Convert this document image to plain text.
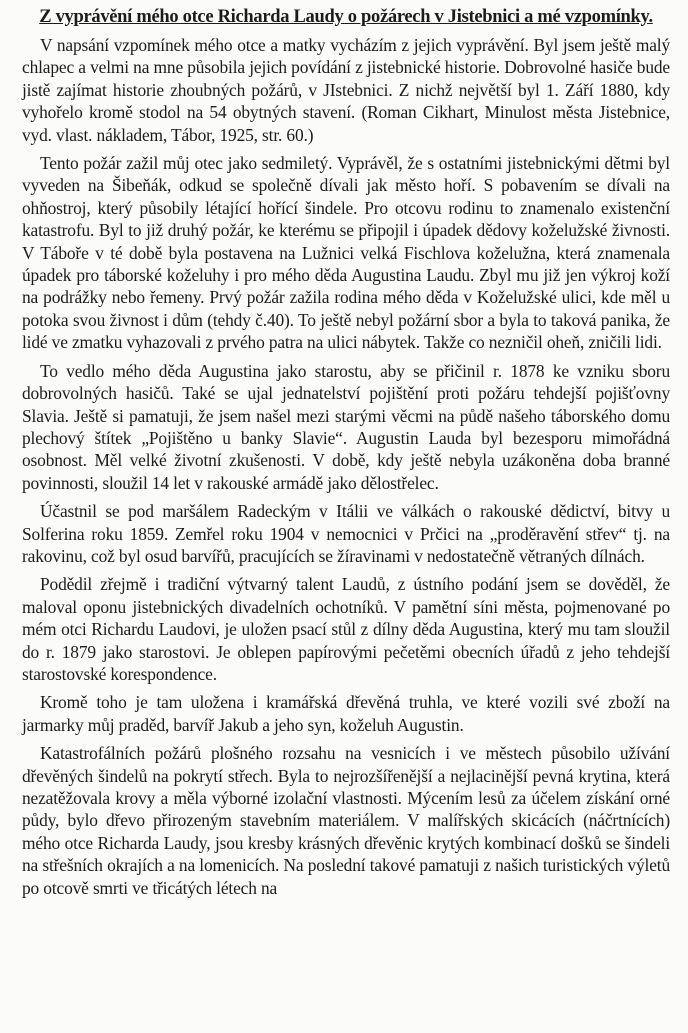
Z vyprávění mého otce Richarda Laudy o požárech v Jistebnici a mé vzpomínky.

V napsání vzpomínek mého otce a matky vycházím z jejich vyprávění. Byl jsem ještě malý chlapec a velmi na mne působila jejich povídání z jistebnické historie. Dobrovolné hasiče bude jistě zajímat historie zhoubných požárů, v JIstebnici. Z nichž největší byl 1. Září 1880, kdy vyhořelo kromě stodol na 54 obytných stavení. (Roman Cikhart, Minulost města Jistebnice, vyd. vlast. nákladem, Tábor, 1925, str. 60.)

Tento požár zažil můj otec jako sedmiletý. Vyprávěl, že s ostatními jistebnickými dětmi byl vyveden na Šibeňák, odkud se společně dívali jak město hoří. S pobavením se dívali na ohňostroj, který působily létající hořící šindele. Pro otcovu rodinu to znamenalo existenční katastrofu. Byl to již druhý požár, ke kterému se připojil i úpadek dědovy koželužské živnosti. V Táboře v té době byla postavena na Lužnici velká Fischlova koželužna, která znamenala úpadek pro táborské koželuhy i pro mého děda Augustina Laudu. Zbyl mu již jen výkroj koží na podrážky nebo řemeny. Prvý požár zažila rodina mého děda v Koželužské ulici, kde měl u potoka svou živnost i dům (tehdy č.40). To ještě nebyl požární sbor a byla to taková panika, že lidé ve zmatku vyhazovali z prvého patra na ulici nábytek. Takže co nezničil oheň, zničili lidi.

To vedlo mého děda Augustina jako starostu, aby se přičinil r. 1878 ke vzniku sboru dobrovolných hasičů. Také se ujal jednatelství pojištění proti požáru tehdejší pojišťovny Slavia. Ještě si pamatuji, že jsem našel mezi starými věcmi na půdě našeho táborského domu plechový štítek „Pojištěno u banky Slavie“. Augustin Lauda byl bezesporu mimořádná osobnost. Měl velké životní zkušenosti. V době, kdy ještě nebyla uzákoněna doba branné povinnosti, sloužil 14 let v rakouské armádě jako dělostřelec.

Účastnil se pod maršálem Radeckým v Itálii ve válkách o rakouské dědictví, bitvy u Solferina roku 1859. Zemřel roku 1904 v nemocnici v Prčici na „proděravění střev“ tj. na rakovinu, což byl osud barvířů, pracujících se žíravinami v nedostatečně větraných dílnách.

Podědil zřejmě i tradiční výtvarný talent Laudů, z ústního podání jsem se dověděl, že maloval oponu jistebnických divadelních ochotníků. V pamětní síni města, pojmenované po mém otci Richardu Laudovi, je uložen psací stůl z dílny děda Augustina, který mu tam sloužil do r. 1879 jako starostovi. Je oblepen papírovými pečetěmi obecních úřadů z jeho tehdejší starostovské korespondence.

Kromě toho je tam uložena i kramářská dřevěná truhla, ve které vozili své zboží na jarmarky můj praděd, barvíř Jakub a jeho syn, koželuh Augustin.

Katastrofálních požárů plošného rozsahu na vesnicích i ve městech působilo užívání dřevěných šindelů na pokrytí střech. Byla to nejrozšířenější a nejlacinější pevná krytina, která nezatěžovala krovy a měla výborné izolační vlastnosti. Mýcením lesů za účelem získání orné půdy, bylo dřevo přirozeným stavebním materiálem. V malířských skicácích (náčrtnících) mého otce Richarda Laudy, jsou kresby krásných dřevěnic krytých kombinací došků se šindeli na střešních okrajích a na lomenicích. Na poslední takové pamatuji z našich turistických výletů po otcově smrti ve třicátých létech na
